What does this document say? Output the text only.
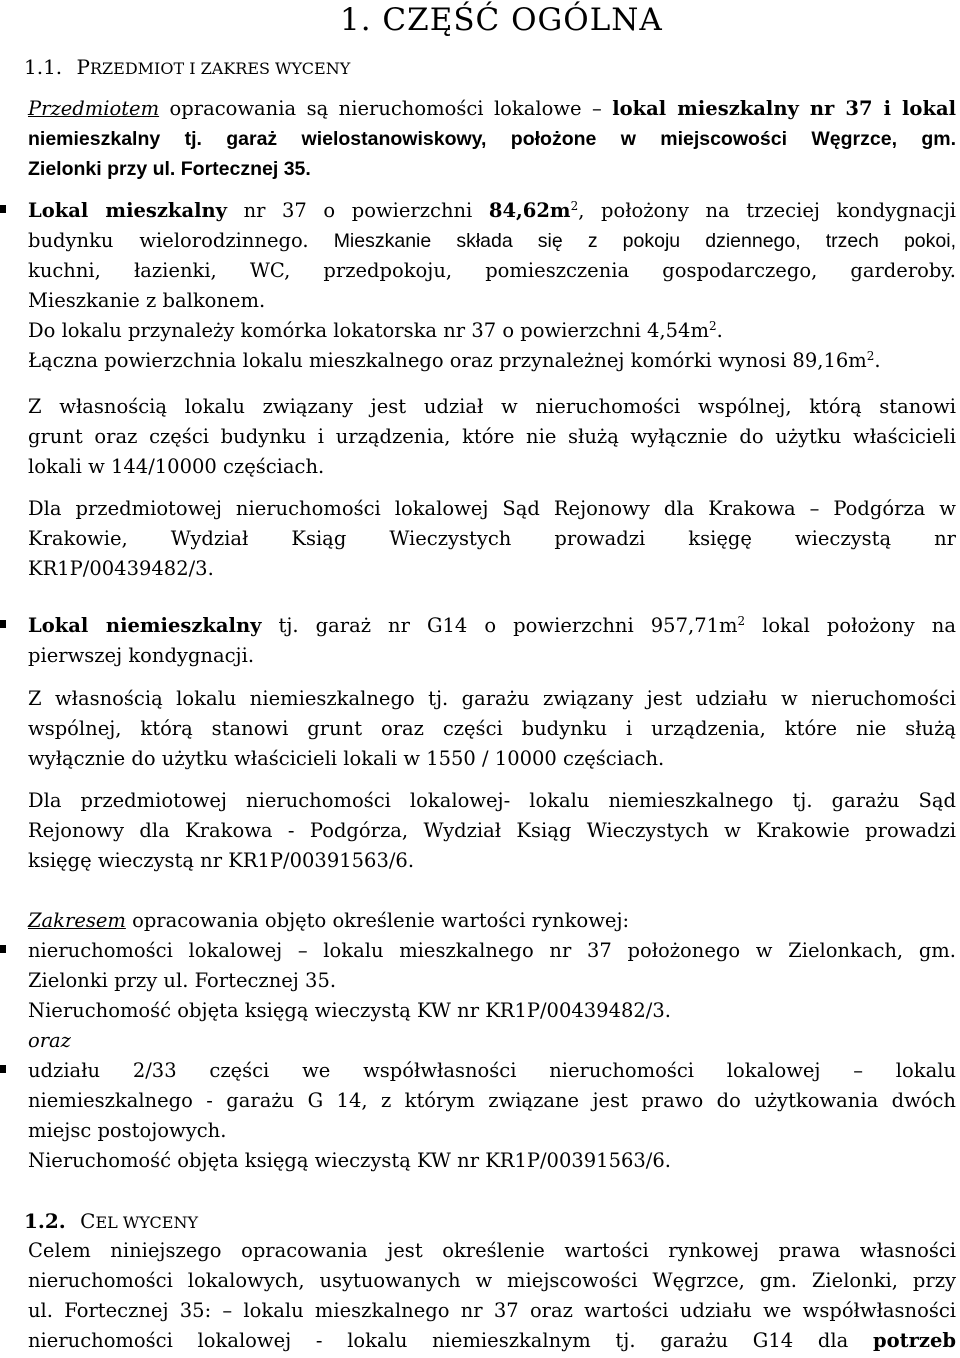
1. CZĘŚĆ OGÓLNA
1.1. PRZEDMIOT I ZAKRES WYCENY
Przedmiotem opracowania są nieruchomości lokalowe – lokal mieszkalny nr 37 i lokal
niemieszkalny tj. garaż wielostanowiskowy, położone w miejscowości Węgrzce, gm.
Zielonki przy ul. Fortecznej 35.
Lokal mieszkalny nr 37 o powierzchni $84,62m^2$, położony na trzeciej kondygnacji
budynku wielorodzinnego. Mieszkanie składa się z pokoju dziennego, trzech pokoi,
kuchni, łazienki, WC, przedpokoju, pomieszczenia gospodarczego, garderoby.
Mieszkanie z balkonem.
Do lokalu przynależy komórka lokatorska nr 37 o powierzchni $4,54m^2$.
Łączna powierzchnia lokalu mieszkalnego oraz przynależnej komórki wynosi $89,16m^2$.
Z własnością lokalu związany jest udział w nieruchomości wspólnej, którą stanowi
grunt oraz części budynku i urządzenia, które nie służą wyłącznie do użytku właścicieli
lokali w 144/10000 częściach.
Dla przedmiotowej nieruchomości lokalowej Sąd Rejonowy dla Krakowa – Podgórza w
Krakowie, Wydział Ksiąg Wieczystych prowadzi księgę wieczystą nr
KR1P/00439482/3.
Lokal niemieszkalny tj. garaż nr G14 o powierzchni $957,71m^2$ lokal położony na
pierwszej kondygnacji.
Z własnością lokalu niemieszkalnego tj. garażu związany jest udziału w nieruchomości
wspólnej, którą stanowi grunt oraz części budynku i urządzenia, które nie służą
wyłącznie do użytku właścicieli lokali w 1550 / 10000 częściach.
Dla przedmiotowej nieruchomości lokalowej- lokalu niemieszkalnego tj. garażu Sąd
Rejonowy dla Krakowa - Podgórza, Wydział Ksiąg Wieczystych w Krakowie prowadzi
księgę wieczystą nr KR1P/00391563/6.
Zakresem opracowania objęto określenie wartości rynkowej:
nieruchomości lokalowej – lokalu mieszkalnego nr 37 położonego w Zielonkach, gm.
Zielonki przy ul. Fortecznej 35.
Nieruchomość objęta księgą wieczystą KW nr KR1P/00439482/3.
oraz
udziału 2/33 części we współwłasności nieruchomości lokalowej – lokalu
niemieszkalnego - garażu G 14, z którym związane jest prawo do użytkowania dwóch
miejsc postojowych.
Nieruchomość objęta księgą wieczystą KW nr KR1P/00391563/6.
1.2. CEL WYCENY
Celem niniejszego opracowania jest określenie wartości rynkowej prawa własności
nieruchomości lokalowych, usytuowanych w miejscowości Węgrzce, gm. Zielonki, przy
ul. Fortecznej 35: – lokalu mieszkalnego nr 37 oraz wartości udziału we współwłasności
nieruchomości lokalowej - lokalu niemieszkalnym tj. garażu G14 dla potrzeb
